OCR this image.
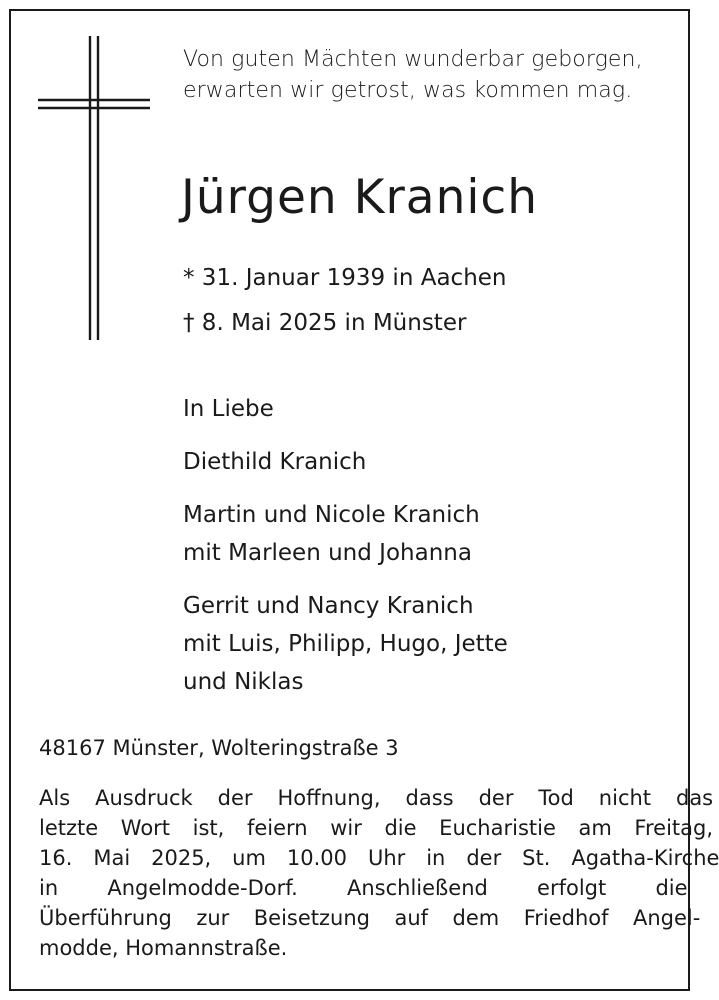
Von guten Mächten wunderbar geborgen,
erwarten wir getrost, was kommen mag.
Jürgen Kranich
* 31. Januar 1939 in Aachen
† 8. Mai 2025 in Münster
In Liebe
Diethild Kranich
Martin und Nicole Kranich
mit Marleen und Johanna
Gerrit und Nancy Kranich
mit Luis, Philipp, Hugo, Jette
und Niklas
48167 Münster, Wolteringstraße 3
Als Ausdruck der Hoffnung, dass der Tod nicht das
letzte Wort ist, feiern wir die Eucharistie am Freitag,
16. Mai 2025, um 10.00 Uhr in der St. Agatha-Kirche
in Angelmodde-Dorf. Anschließend erfolgt die
Überführung zur Beisetzung auf dem Friedhof Angel-
modde, Homannstraße.
